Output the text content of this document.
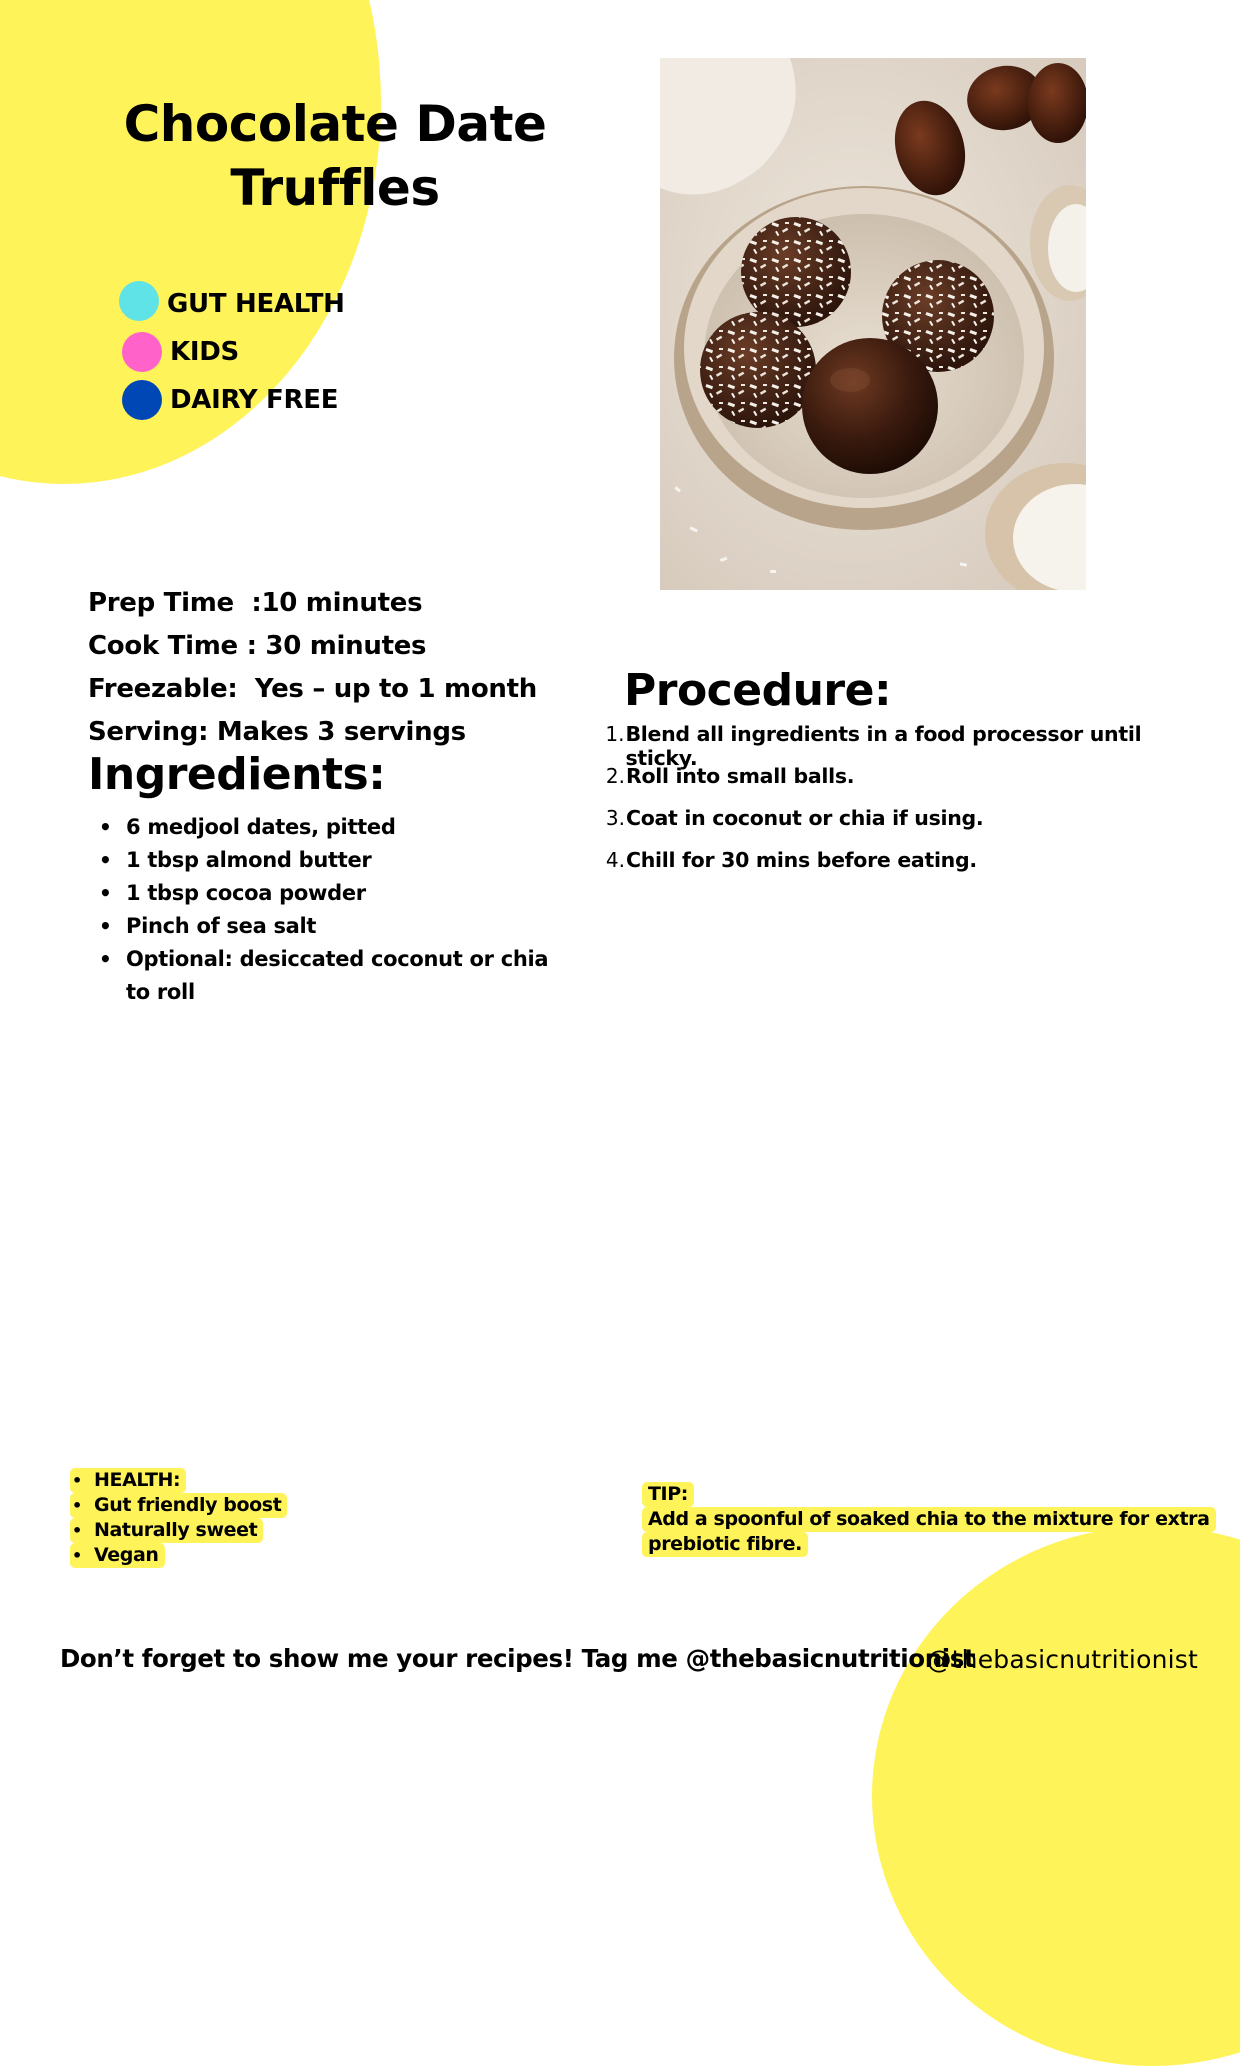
Chocolate Date
Truffles
GUT HEALTH
KIDS
DAIRY FREE
Prep Time  :10 minutes
Cook Time : 30 minutes
Freezable:  Yes – up to 1 month
Serving: Makes 3 servings
Ingredients:
• 6 medjool dates, pitted
• 1 tbsp almond butter
• 1 tbsp cocoa powder
• Pinch of sea salt
• Optional: desiccated coconut or chia to roll
Procedure:
1. Blend all ingredients in a food processor until sticky.
2. Roll into small balls.
3. Coat in coconut or chia if using.
4. Chill for 30 mins before eating.
• HEALTH:
• Gut friendly boost
• Naturally sweet
• Vegan
TIP:
Add a spoonful of soaked chia to the mixture for extra
prebiotic fibre.

Don’t forget to show me your recipes! Tag me @thebasicnutritionist

@thebasicnutritionist
